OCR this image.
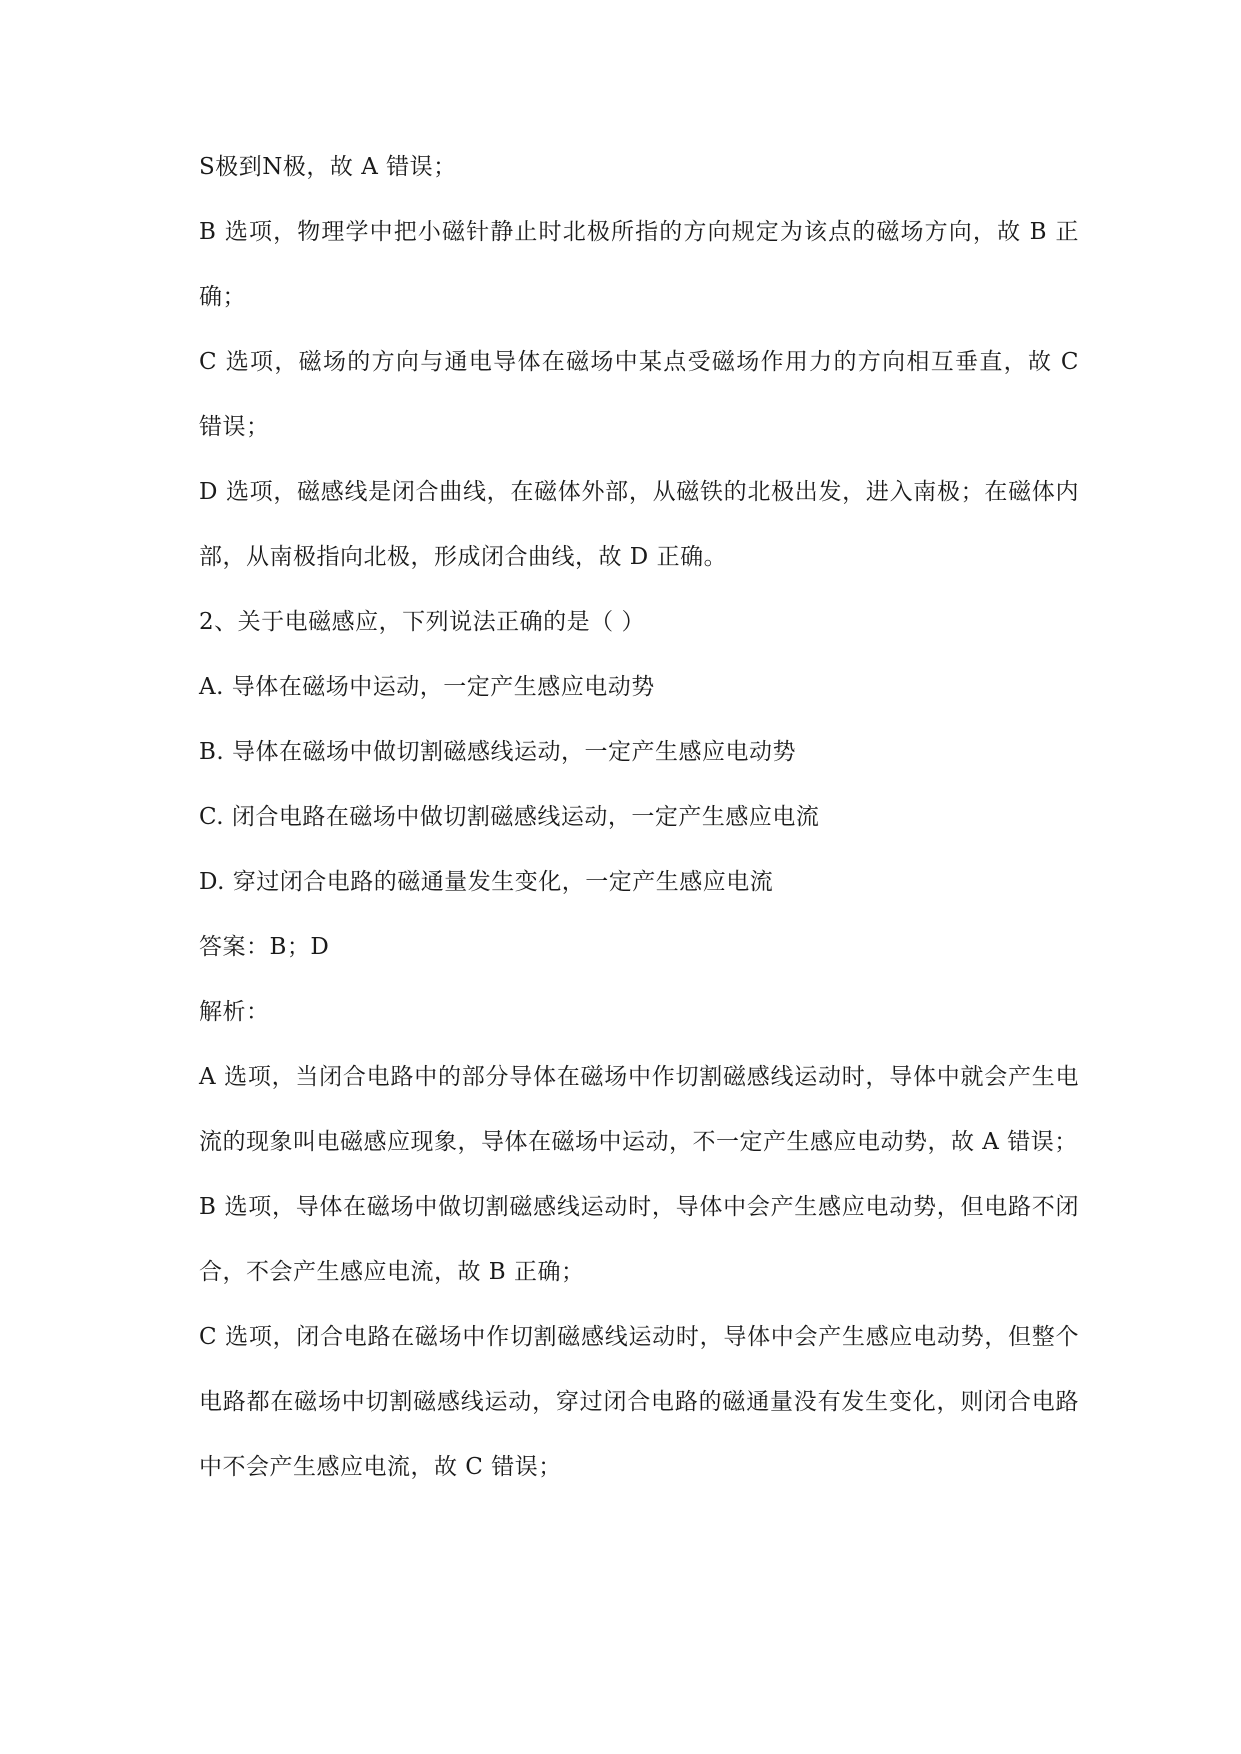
S极到N极，故 A 错误；

B 选项，物理学中把小磁针静止时北极所指的方向规定为该点的磁场方向，故 B 正确；

C 选项，磁场的方向与通电导体在磁场中某点受磁场作用力的方向相互垂直，故 C 错误；

D 选项，磁感线是闭合曲线，在磁体外部，从磁铁的北极出发，进入南极；在磁体内部，从南极指向北极，形成闭合曲线，故 D 正确。

2、关于电磁感应，下列说法正确的是（ ）

A. 导体在磁场中运动，一定产生感应电动势

B. 导体在磁场中做切割磁感线运动，一定产生感应电动势

C. 闭合电路在磁场中做切割磁感线运动，一定产生感应电流

D. 穿过闭合电路的磁通量发生变化，一定产生感应电流

答案：B；D

解析：

A 选项，当闭合电路中的部分导体在磁场中作切割磁感线运动时，导体中就会产生电流的现象叫电磁感应现象，导体在磁场中运动，不一定产生感应电动势，故 A 错误；

B 选项，导体在磁场中做切割磁感线运动时，导体中会产生感应电动势，但电路不闭合，不会产生感应电流，故 B 正确；

C 选项，闭合电路在磁场中作切割磁感线运动时，导体中会产生感应电动势，但整个电路都在磁场中切割磁感线运动，穿过闭合电路的磁通量没有发生变化，则闭合电路中不会产生感应电流，故 C 错误；
